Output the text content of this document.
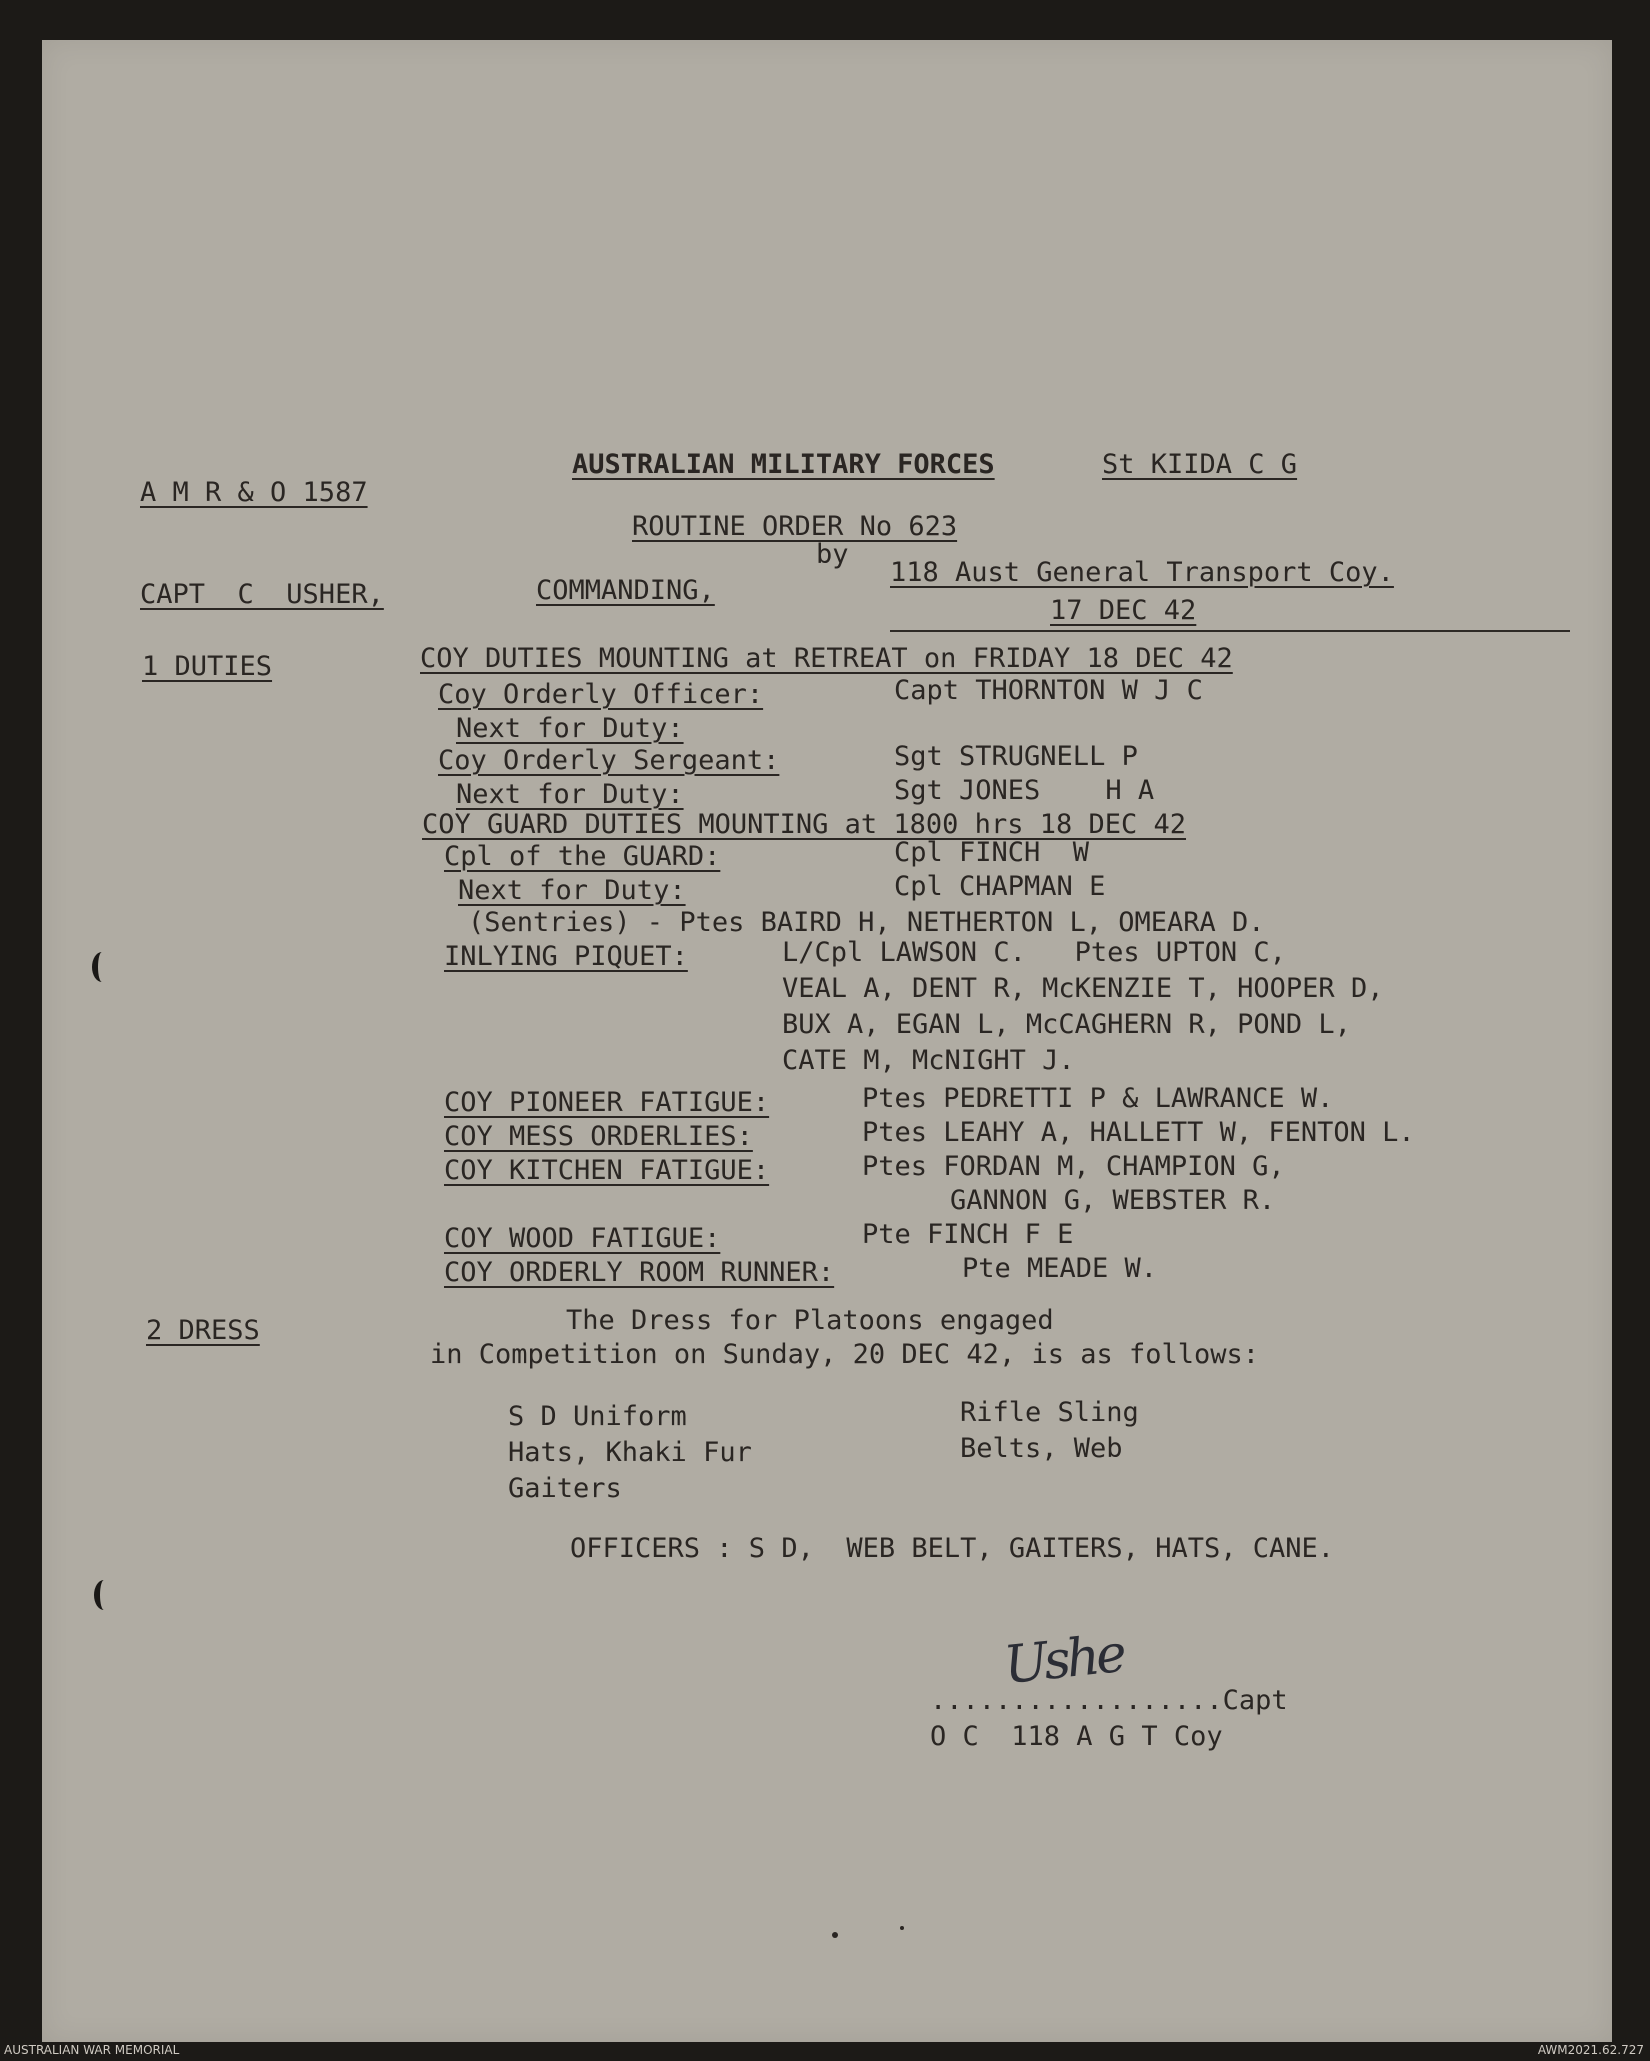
A M R & O 1587
AUSTRALIAN MILITARY FORCES	St KIIDA C G
ROUTINE ORDER No 623
by
CAPT  C  USHER,	COMMANDING,
118 Aust General Transport Coy.
17 DEC 42
1 DUTIES	COY DUTIES MOUNTING at RETREAT on FRIDAY 18 DEC 42
Coy Orderly Officer:	Capt THORNTON W J C
Next for Duty:
Coy Orderly Sergeant:	Sgt STRUGNELL P
Next for Duty:	Sgt JONES    H A
COY GUARD DUTIES MOUNTING at 1800 hrs 18 DEC 42
Cpl of the GUARD:	Cpl FINCH  W
Next for Duty:	Cpl CHAPMAN E
(Sentries) - Ptes BAIRD H, NETHERTON L, OMEARA D.
INLYING PIQUET:	L/Cpl LAWSON C.   Ptes UPTON C,
VEAL A, DENT R, McKENZIE T, HOOPER D,
BUX A, EGAN L, McCAGHERN R, POND L,
CATE M, McNIGHT J.
COY PIONEER FATIGUE:	Ptes PEDRETTI P & LAWRANCE W.
COY MESS ORDERLIES:	Ptes LEAHY A, HALLETT W, FENTON L.
COY KITCHEN FATIGUE:	Ptes FORDAN M, CHAMPION G,
GANNON G, WEBSTER R.
COY WOOD FATIGUE:	Pte FINCH F E
COY ORDERLY ROOM RUNNER:	Pte MEADE W.
2 DRESS	The Dress for Platoons engaged
in Competition on Sunday, 20 DEC 42, is as follows:
S D Uniform
Hats, Khaki Fur
Gaiters
Rifle Sling
Belts, Web
OFFICERS : S D,  WEB BELT, GAITERS, HATS, CANE.
Ushe
..................Capt
O C  118 A G T Coy
AUSTRALIAN WAR MEMORIAL	AWM2021.62.727
